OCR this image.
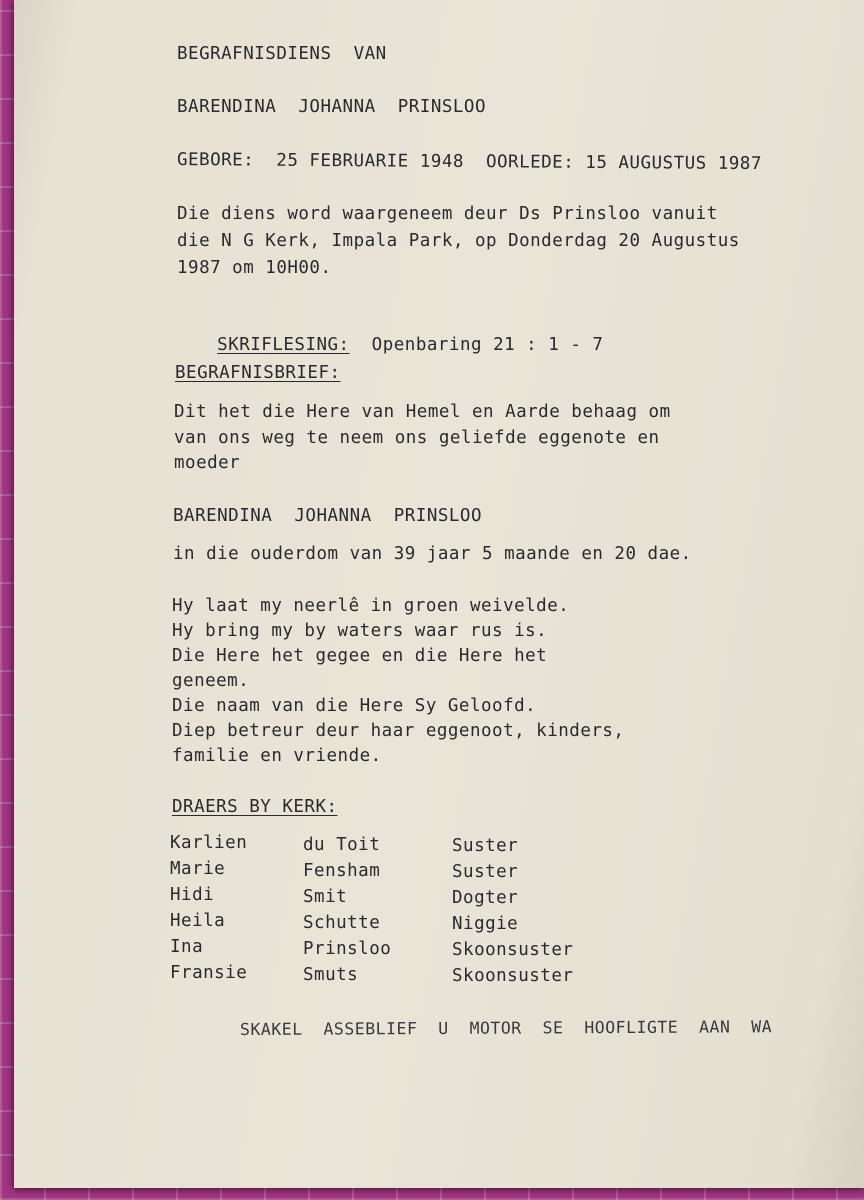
BEGRAFNISDIENS  VAN
BARENDINA  JOHANNA  PRINSLOO
GEBORE:  25 FEBRUARIE 1948  OORLEDE: 15 AUGUSTUS 1987
Die diens word waargeneem deur Ds Prinsloo vanuit
die N G Kerk, Impala Park, op Donderdag 20 Augustus
1987 om 10H00.

SKRIFLESING: Openbaring 21 : 1 - 7

BEGRAFNISBRIEF:
Dit het die Here van Hemel en Aarde behaag om
van ons weg te neem ons geliefde eggenote en
moeder
BARENDINA  JOHANNA  PRINSLOO
in die ouderdom van 39 jaar 5 maande en 20 dae.
Hy laat my neerlê in groen weivelde.
Hy bring my by waters waar rus is.
Die Here het gegee en die Here het
geneem.
Die naam van die Here Sy Geloofd.
Diep betreur deur haar eggenoot, kinders,
familie en vriende.
DRAERS BY KERK:
Karlien	du Toit	Suster
Marie	Fensham	Suster
Hidi	Smit	Dogter
Heila	Schutte	Niggie
Ina	Prinsloo	Skoonsuster
Fransie	Smuts	Skoonsuster
SKAKEL  ASSEBLIEF  U  MOTOR  SE  HOOFLIGTE  AAN  WA
